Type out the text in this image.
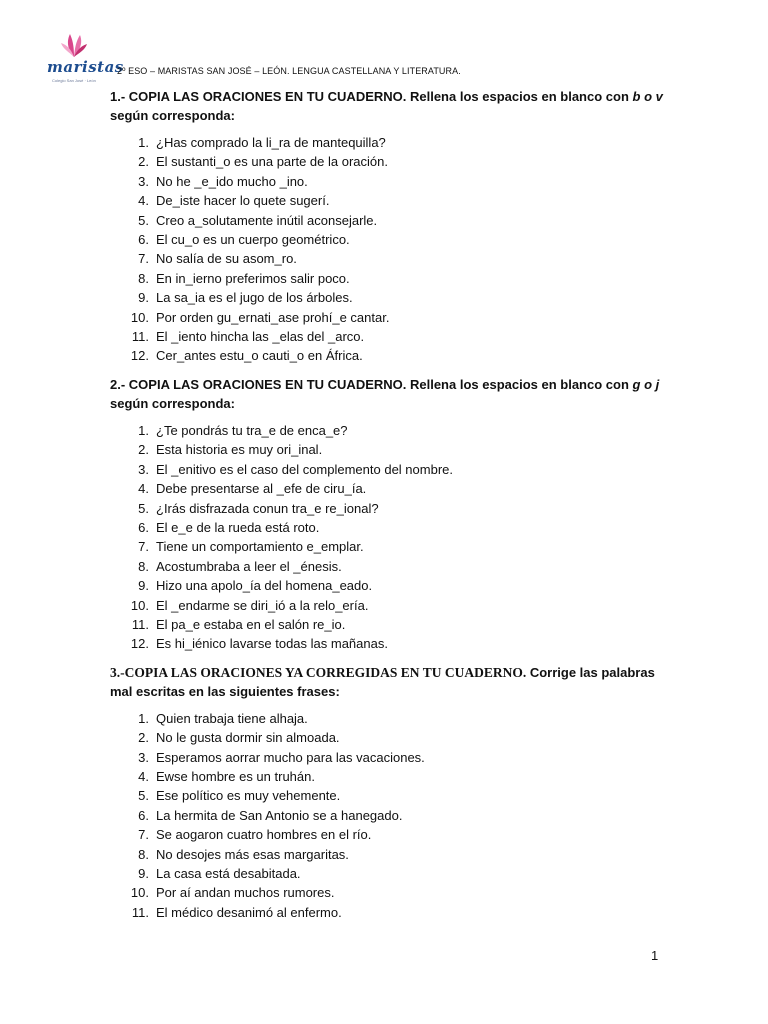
maristas
Colegio San José · León
2º ESO – MARISTAS SAN JOSÉ – LEÓN. LENGUA CASTELLANA Y LITERATURA.

1.- COPIA LAS ORACIONES EN TU CUADERNO. Rellena los espacios en blanco con b o v según corresponda:

1. ¿Has comprado la li_ra de mantequilla?
2. El sustanti_o es una parte de la oración.
3. No he _e_ido mucho _ino.
4. De_iste hacer lo quete sugerí.
5. Creo a_solutamente inútil aconsejarle.
6. El cu_o es un cuerpo geométrico.
7. No salía de su asom_ro.
8. En in_ierno preferimos salir poco.
9. La sa_ia es el jugo de los árboles.
10. Por orden gu_ernati_ase prohí_e cantar.
11. El _iento hincha las _elas del _arco.
12. Cer_antes estu_o cauti_o en África.

2.- COPIA LAS ORACIONES EN TU CUADERNO. Rellena los espacios en blanco con g o j según corresponda:

1. ¿Te pondrás tu tra_e de enca_e?
2. Esta historia es muy ori_inal.
3. El _enitivo es el caso del complemento del nombre.
4. Debe presentarse al _efe de ciru_ía.
5. ¿Irás disfrazada conun tra_e re_ional?
6. El e_e de la rueda está roto.
7. Tiene un comportamiento e_emplar.
8. Acostumbraba a leer el _énesis.
9. Hizo una apolo_ía del homena_eado.
10. El _endarme se diri_ió a la relo_ería.
11. El pa_e estaba en el salón re_io.
12. Es hi_iénico lavarse todas las mañanas.

3.-COPIA LAS ORACIONES YA CORREGIDAS EN TU CUADERNO. Corrige las palabras mal escritas en las siguientes frases:

1. Quien trabaja tiene alhaja.
2. No le gusta dormir sin almoada.
3. Esperamos aorrar mucho para las vacaciones.
4. Ewse hombre es un truhán.
5. Ese político es muy vehemente.
6. La hermita de San Antonio se a hanegado.
7. Se aogaron cuatro hombres en el río.
8. No desojes más esas margaritas.
9. La casa está desabitada.
10. Por aí andan muchos rumores.
11. El médico desanimó al enfermo.
1
